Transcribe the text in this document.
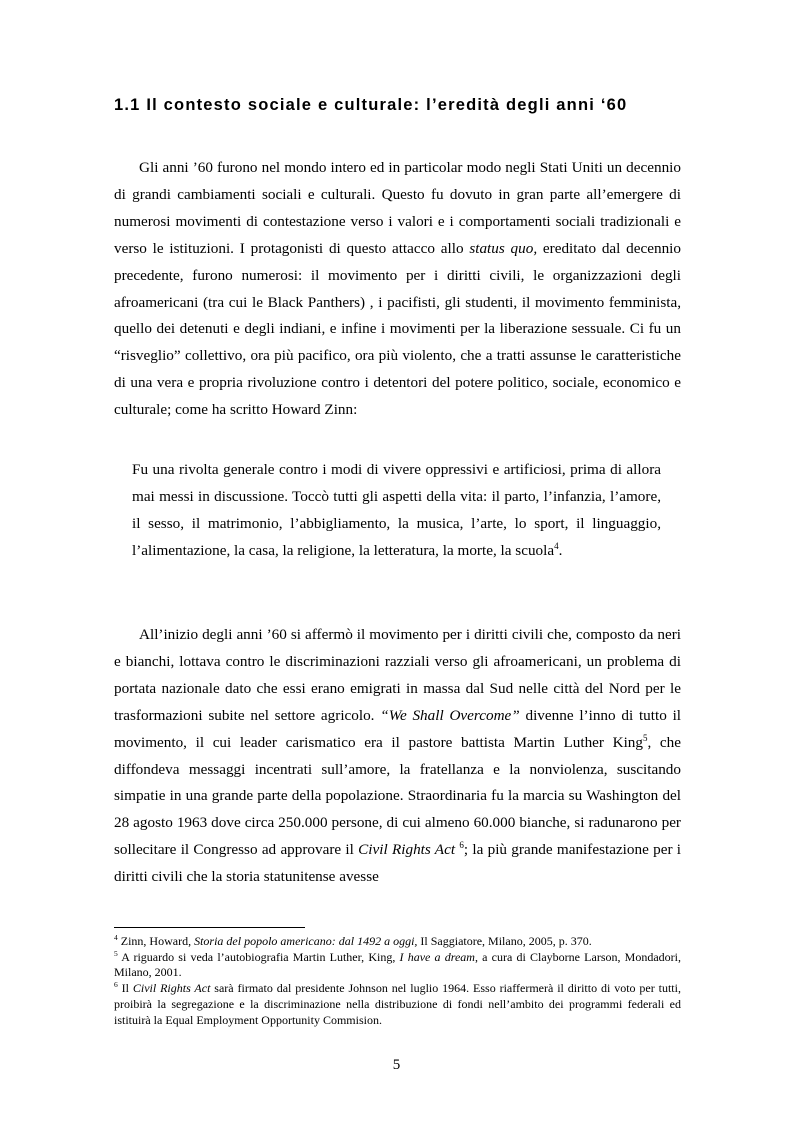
1.1 Il contesto sociale e culturale: l’eredità degli anni ‘60

Gli anni ’60 furono nel mondo intero ed in particolar modo negli Stati Uniti un decennio di grandi cambiamenti sociali e culturali. Questo fu dovuto in gran parte all’emergere di numerosi movimenti di contestazione verso i valori e i comportamenti sociali tradizionali e verso le istituzioni. I protagonisti di questo attacco allo status quo, ereditato dal decennio precedente, furono numerosi: il movimento per i diritti civili, le organizzazioni degli afroamericani (tra cui le Black Panthers) , i pacifisti, gli studenti, il movimento femminista, quello dei detenuti e degli indiani, e infine i movimenti per la liberazione sessuale. Ci fu un “risveglio” collettivo, ora più pacifico, ora più violento, che a tratti assunse le caratteristiche di una vera e propria rivoluzione contro i detentori del potere politico, sociale, economico e culturale; come ha scritto Howard Zinn:

Fu una rivolta generale contro i modi di vivere oppressivi e artificiosi, prima di allora mai messi in discussione. Toccò tutti gli aspetti della vita: il parto, l’infanzia, l’amore, il sesso, il matrimonio, l’abbigliamento, la musica, l’arte, lo sport, il linguaggio, l’alimentazione, la casa, la religione, la letteratura, la morte, la scuola$^4$.

All’inizio degli anni ’60 si affermò il movimento per i diritti civili che, composto da neri e bianchi, lottava contro le discriminazioni razziali verso gli afroamericani, un problema di portata nazionale dato che essi erano emigrati in massa dal Sud nelle città del Nord per le trasformazioni subite nel settore agricolo. “We Shall Overcome” divenne l’inno di tutto il movimento, il cui leader carismatico era il pastore battista Martin Luther King$^5$, che diffondeva messaggi incentrati sull’amore, la fratellanza e la nonviolenza, suscitando simpatie in una grande parte della popolazione. Straordinaria fu la marcia su Washington del 28 agosto 1963 dove circa 250.000 persone, di cui almeno 60.000 bianche, si radunarono per sollecitare il Congresso ad approvare il Civil Rights Act $^6$; la più grande manifestazione per i diritti civili che la storia statunitense avesse

$^4$ Zinn, Howard, Storia del popolo americano: dal 1492 a oggi, Il Saggiatore, Milano, 2005, p. 370.
$^5$ A riguardo si veda l’autobiografia Martin Luther, King, I have a dream, a cura di Clayborne Larson, Mondadori, Milano, 2001.
$^6$ Il Civil Rights Act sarà firmato dal presidente Johnson nel luglio 1964. Esso riaffermerà il diritto di voto per tutti, proibirà la segregazione e la discriminazione nella distribuzione di fondi nell’ambito dei programmi federali ed istituirà la Equal Employment Opportunity Commision.
5
